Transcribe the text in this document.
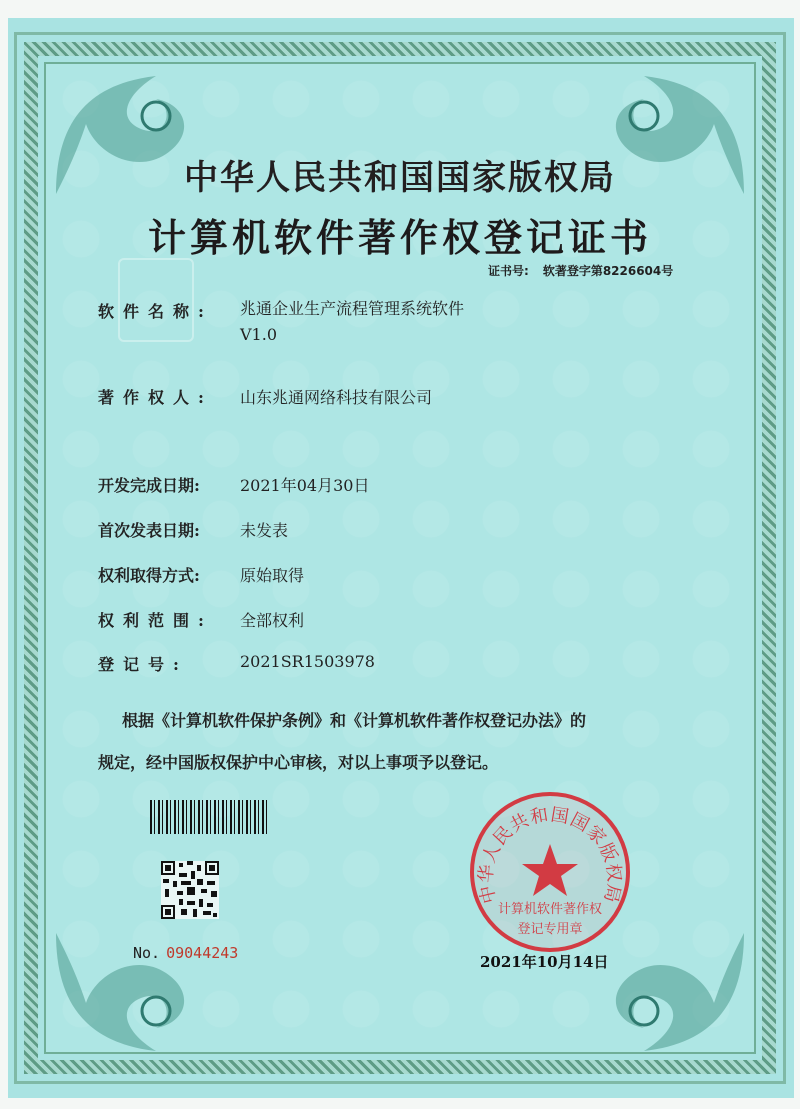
中华人民共和国国家版权局
计算机软件著作权登记证书
证书号: 软著登字第8226604号
软件名称: 兆通企业生产流程管理系统软件
V1.0
著作权人: 山东兆通网络科技有限公司
开发完成日期:	2021年04月30日
首次发表日期:	未发表
权利取得方式:	原始取得
权利范围: 全部权利
登记号:	2021SR1503978
根据《计算机软件保护条例》和《计算机软件著作权登记办法》的
规定，经中国版权保护中心审核，对以上事项予以登记。
No. 09044243
中华人民共和国国家版权局
计算机软件著作权
登记专用章
2021年10月14日
